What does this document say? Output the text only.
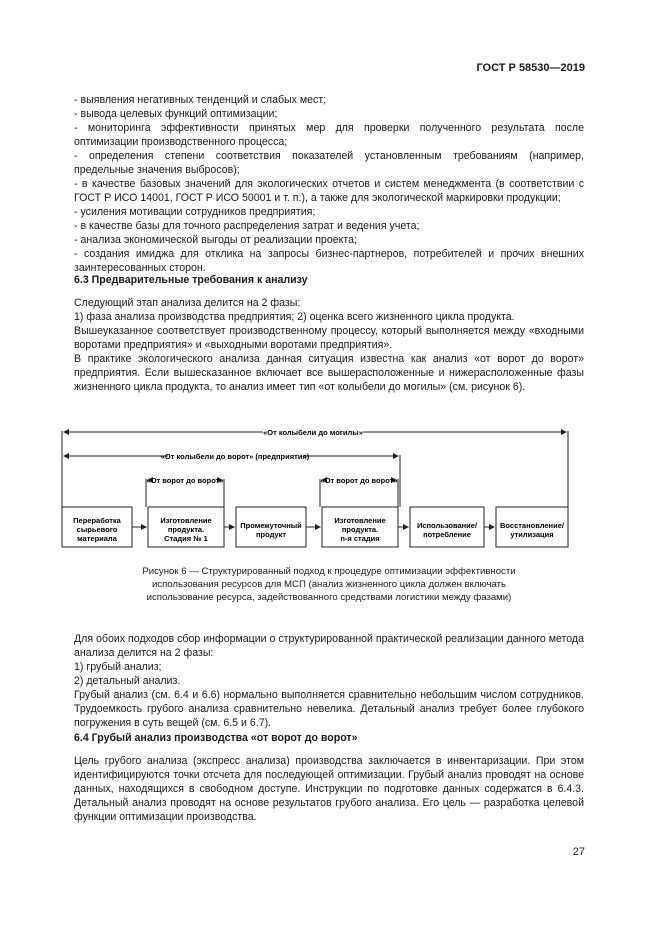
ГОСТ Р 58530—2019

- выявления негативных тенденций и слабых мест;

- вывода целевых функций оптимизации;

- мониторинга эффективности принятых мер для проверки полученного результата после оптимизации производственного процесса;

- определения степени соответствия показателей установленным требованиям (например, предельные значения выбросов);

- в качестве базовых значений для экологических отчетов и систем менеджмента (в соответствии с ГОСТ Р ИСО 14001, ГОСТ Р ИСО 50001 и т. п.), а также для экологической маркировки продукции;

- усиления мотивации сотрудников предприятия;

- в качестве базы для точного распределения затрат и ведения учета;

- анализа экономической выгоды от реализации проекта;

- создания имиджа для отклика на запросы бизнес-партнеров, потребителей и прочих внешних заинтересованных сторон.

6.3 Предварительные требования к анализу

Следующий этап анализа делится на 2 фазы:

1) фаза анализа производства предприятия; 2) оценка всего жизненного цикла продукта.

Вышеуказанное соответствует производственному процессу, который выполняется между «входными воротами предприятия» и «выходными воротами предприятия».

В практике экологического анализа данная ситуация известна как анализ «от ворот до ворот» предприятия. Если вышесказанное включает все вышерасположенные и нижерасположенные фазы жизненного цикла продукта, то анализ имеет тип «от колыбели до могилы» (см. рисунок 6).

«От колыбели до могилы»
«От колыбели до ворот» (предприятия)
«От ворот до ворот»	«От ворот до ворот»
Переработка
сырьевого
материала
Изготовление
продукта.
Стадия № 1
Промежуточный
продукт
Изготовление
продукта.
n-я стадия
Использование/
потребление
Восстановление/
утилизация
Рисунок 6 — Структурированный подход к процедуре оптимизации эффективности
использования ресурсов для МСП (анализ жизненного цикла должен включать
использование ресурса, задействованного средствами логистики между фазами)

Для обоих подходов сбор информации о структурированной практической реализации данного метода анализа делится на 2 фазы:

1) грубый анализ;

2) детальный анализ.

Грубый анализ (см. 6.4 и 6.6) нормально выполняется сравнительно небольшим числом сотрудников. Трудоемкость грубого анализа сравнительно невелика. Детальный анализ требует более глубокого погружения в суть вещей (см. 6.5 и 6.7).

6.4 Грубый анализ производства «от ворот до ворот»

Цель грубого анализа (экспресс анализа) производства заключается в инвентаризации. При этом идентифицируются точки отсчета для последующей оптимизации. Грубый анализ проводят на основе данных, находящихся в свободном доступе. Инструкции по подготовке данных содержатся в 6.4.3. Детальный анализ проводят на основе результатов грубого анализа. Его цель — разработка целевой функции оптимизации производства.

27
